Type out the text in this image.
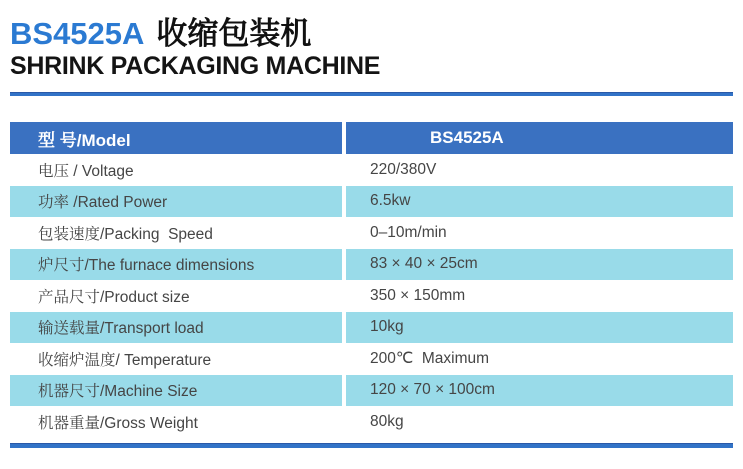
BS4525A 收缩包装机
SHRINK PACKAGING MACHINE
型 号/Model	BS4525A
电压 / Voltage	220/380V
功率 /Rated Power	6.5kw
包装速度/Packing  Speed	0–10m/min
炉尺寸/The furnace dimensions	83 × 40 × 25cm
产品尺寸/Product size	350 × 150mm
输送载量/Transport load	10kg
收缩炉温度/ Temperature	200℃  Maximum
机器尺寸/Machine Size	120 × 70 × 100cm
机器重量/Gross Weight	80kg
